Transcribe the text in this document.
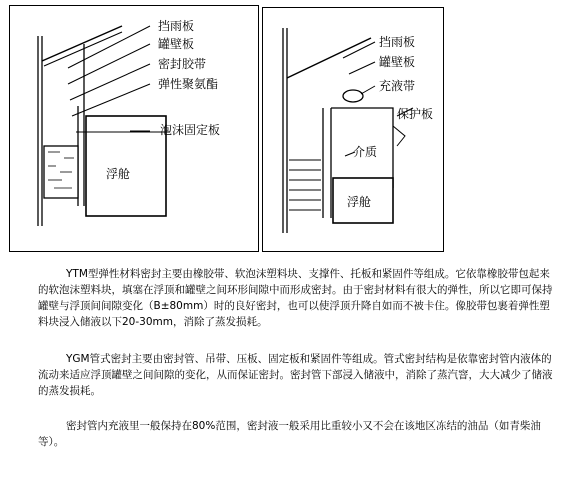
挡雨板
罐壁板
密封胶带
弹性聚氨酯
泡沫固定板
浮舱
挡雨板
罐壁板
充液带
保护板
介质
浮舱

YTM型弹性材料密封主要由橡胶带、软泡沫塑料块、支撑件、托板和紧固件等组成。它依靠橡胶带包起来的软泡沫塑料块，填塞在浮顶和罐壁之间环形间隙中而形成密封。由于密封材料有很大的弹性，所以它即可保持罐壁与浮顶间间隙变化（B±80mm）时的良好密封，也可以使浮顶升降自如而不被卡住。像胶带包裹着弹性塑料块浸入储液以下20-30mm，消除了蒸发损耗。

YGM管式密封主要由密封管、吊带、压板、固定板和紧固件等组成。管式密封结构是依靠密封管内液体的流动来适应浮顶罐壁之间间隙的变化，从而保证密封。密封管下部浸入储液中，消除了蒸汽窨，大大减少了储液的蒸发损耗。

密封管内充液里一般保持在80%范围，密封液一般采用比重较小又不会在该地区冻结的油品（如青柴油等）。
